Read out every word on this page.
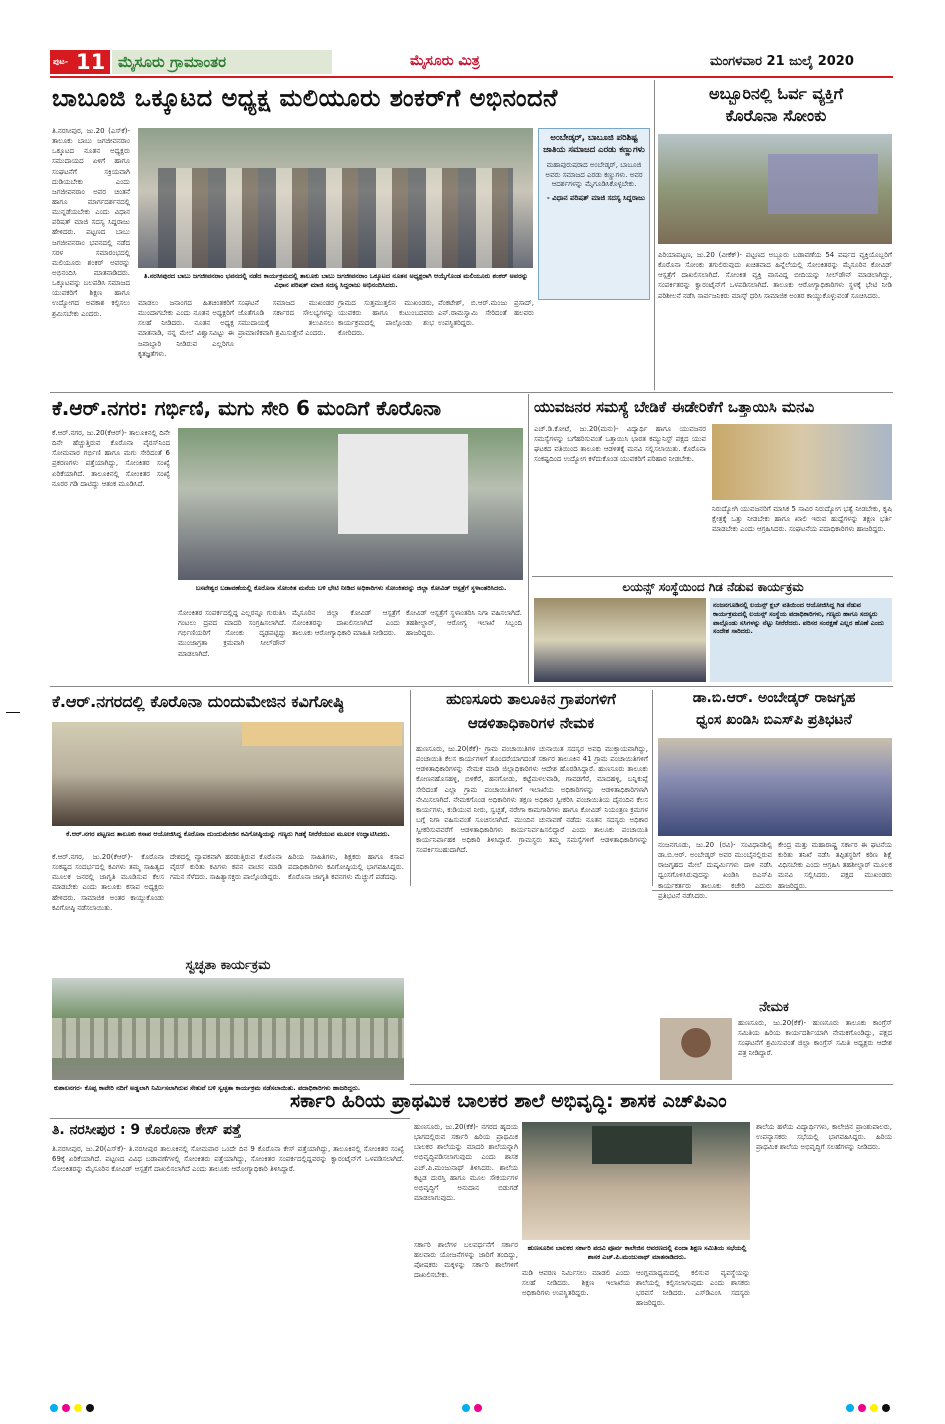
ಪುಟ- 11 ಮೈಸೂರು ಗ್ರಾಮಾಂತರ	ಮೈಸೂರು ಮಿತ್ರ	ಮಂಗಳವಾರ 21 ಜುಲೈ 2020
ಬಾಬೂಜಿ ಒಕ್ಕೂಟದ ಅಧ್ಯಕ್ಷ ಮಲಿಯೂರು ಶಂಕರ್‌ಗೆ ಅಭಿನಂದನೆ
ತಿ.ನರಸೀಪುರ, ಜು.20 (ಎಸ್‌ಕೆ)- ತಾಲೂಕು ಬಾಬು ಜಗಜೀವನರಾಂ ಒಕ್ಕೂಟದ ನೂತನ ಅಧ್ಯಕ್ಷರು ಸಮುದಾಯದ ಏಳಿಗೆ ಹಾಗೂ ಸಂಘಟನೆಗೆ ಸಕ್ರಿಯವಾಗಿ ದುಡಿಯಬೇಕು ಎಂದು ಜಗಜೀವನರಾಂ ಅವರ ಚಿಂತನೆ ಹಾಗೂ ಮಾರ್ಗದರ್ಶನದಲ್ಲಿ ಮುನ್ನಡೆಯಬೇಕು ಎಂದು ವಿಧಾನ ಪರಿಷತ್ ಮಾಜಿ ಸದಸ್ಯ ಸಿದ್ದರಾಜು ಹೇಳಿದರು. ಪಟ್ಟಣದ ಬಾಬು ಜಗಜೀವನರಾಂ ಭವನದಲ್ಲಿ ನಡೆದ ಸರಳ ಸಮಾರಂಭದಲ್ಲಿ ಮಲಿಯೂರು ಶಂಕರ್ ಅವರನ್ನು ಅಭಿನಂದಿಸಿ ಮಾತನಾಡಿದರು. ಒಕ್ಕೂಟವನ್ನು ಬಲಪಡಿಸಿ ಸಮಾಜದ ಯುವಕರಿಗೆ ಶಿಕ್ಷಣ ಹಾಗೂ ಉದ್ಯೋಗದ ಅವಕಾಶ ಕಲ್ಪಿಸಲು ಶ್ರಮಿಸಬೇಕು ಎಂದರು.
ತಿ.ನರಸೀಪುರದ ಬಾಬು ಜಗಜೀವನರಾಂ ಭವನದಲ್ಲಿ ನಡೆದ ಕಾರ್ಯಕ್ರಮದಲ್ಲಿ ತಾಲೂಕು ಬಾಬು ಜಗಜೀವನರಾಂ ಒಕ್ಕೂಟದ ನೂತನ ಅಧ್ಯಕ್ಷರಾಗಿ ಆಯ್ಕೆಗೊಂಡ ಮಲಿಯೂರು ಶಂಕರ್ ಅವರನ್ನು ವಿಧಾನ ಪರಿಷತ್ ಮಾಜಿ ಸದಸ್ಯ ಸಿದ್ದರಾಜು ಅಭಿನಂದಿಸಿದರು.
ಮಾಡಲು ಜನಾಂಗದ ಹಿತಚಿಂತಕರಿಗೆ ಮುಂದಾಗಬೇಕು ಎಂದು ನೂತನ ಅಧ್ಯಕ್ಷರಿಗೆ ಸಲಹೆ ನೀಡಿದರು. ನೂತನ ಅಧ್ಯಕ್ಷ ಮಾತನಾಡಿ, ನನ್ನ ಮೇಲೆ ವಿಶ್ವಾಸವಿಟ್ಟು ಈ ಜವಾಬ್ದಾರಿ ನೀಡಿರುವ ಎಲ್ಲರಿಗೂ ಕೃತಜ್ಞತೆಗಳು.
ಸಂಘಟನೆ ಸಮಾಜದ ಮುಖಂಡರ ಜೊತೆಗೂಡಿ ಸರ್ಕಾರದ ಸೌಲಭ್ಯಗಳನ್ನು ಸಮುದಾಯಕ್ಕೆ ತಲುಪಿಸಲು ಪ್ರಾಮಾಣಿಕವಾಗಿ ಶ್ರಮಿಸುತ್ತೇನೆ ಎಂದರು.
ಗ್ರಾಮದ ಸುತ್ತಮುತ್ತಲಿನ ಮುಖಂಡರು, ಯುವಕರು ಹಾಗೂ ಕುಟುಂಬದವರು ಕಾರ್ಯಕ್ರಮದಲ್ಲಿ ಪಾಲ್ಗೊಂಡು ಶುಭ ಕೋರಿದರು.
ವೆಂಕಟೇಶ್, ಬಿ.ಆರ್.ಮಂಜು ಪ್ರಸಾದ್, ಎನ್.ರಾಮಸ್ವಾಮಿ ಸೇರಿದಂತೆ ಹಲವರು ಉಪಸ್ಥಿತರಿದ್ದರು.
ಅಂಬೇಡ್ಕರ್, ಬಾಬೂಜಿ ಪರಿಶಿಷ್ಟ ಜಾತಿಯ ಸಮಾಜದ ಎರಡು ಕಣ್ಣುಗಳು
ಮಹಾಪುರುಷರಾದ ಅಂಬೇಡ್ಕರ್, ಬಾಬೂಜಿ ಅವರು ಸಮಾಜದ ಎರಡು ಕಣ್ಣುಗಳು. ಅವರ ಆದರ್ಶಗಳನ್ನು ಮೈಗೂಡಿಸಿಕೊಳ್ಳಬೇಕು.
- ವಿಧಾನ ಪರಿಷತ್ ಮಾಜಿ ಸದಸ್ಯ ಸಿದ್ದರಾಜು
ಅಬ್ಬೂರಿನಲ್ಲಿ ಓರ್ವ ವ್ಯಕ್ತಿಗೆ
ಕೊರೊನಾ ಸೋಂಕು
ಪಿರಿಯಾಪಟ್ಟಣ, ಜು.20 (ವೀಕೆಕ್)- ಪಟ್ಟಣದ ಅಬ್ಬೂರು ಬಡಾವಣೆಯ 54 ವರ್ಷದ ವ್ಯಕ್ತಿಯೊಬ್ಬರಿಗೆ ಕೊರೊನಾ ಸೋಂಕು ತಗುಲಿರುವುದು ಖಚಿತವಾದ ಹಿನ್ನೆಲೆಯಲ್ಲಿ ಸೋಂಕಿತರನ್ನು ಮೈಸೂರಿನ ಕೋವಿಡ್ ಆಸ್ಪತ್ರೆಗೆ ದಾಖಲಿಸಲಾಗಿದೆ. ಸೋಂಕಿತ ವ್ಯಕ್ತಿ ವಾಸವಿದ್ದ ಬೀದಿಯನ್ನು ಸೀಲ್‌ಡೌನ್ ಮಾಡಲಾಗಿದ್ದು, ಸಂಪರ್ಕಿತರನ್ನು ಕ್ವಾರಂಟೈನ್‌ಗೆ ಒಳಪಡಿಸಲಾಗಿದೆ. ತಾಲೂಕು ಆರೋಗ್ಯಾಧಿಕಾರಿಗಳು ಸ್ಥಳಕ್ಕೆ ಭೇಟಿ ನೀಡಿ ಪರಿಶೀಲನೆ ನಡೆಸಿ ಸಾರ್ವಜನಿಕರು ಮಾಸ್ಕ್ ಧರಿಸಿ ಸಾಮಾಜಿಕ ಅಂತರ ಕಾಯ್ದುಕೊಳ್ಳುವಂತೆ ಸೂಚಿಸಿದರು.
ಕೆ.ಆರ್.ನಗರ: ಗರ್ಭಿಣಿ, ಮಗು ಸೇರಿ 6 ಮಂದಿಗೆ ಕೊರೊನಾ
ಕೆ.ಆರ್.ನಗರ, ಜು.20(ಕೆಆರ್)- ತಾಲೂಕಿನಲ್ಲಿ ದಿನೇ ದಿನೇ ಹೆಚ್ಚುತ್ತಿರುವ ಕೊರೊನಾ ವೈರಸ್‌ನಿಂದ ಸೋಮವಾರ ಗರ್ಭಿಣಿ ಹಾಗೂ ಮಗು ಸೇರಿದಂತೆ 6 ಪ್ರಕರಣಗಳು ಪತ್ತೆಯಾಗಿದ್ದು, ಸೋಂಕಿತರ ಸಂಖ್ಯೆ ಏರಿಕೆಯಾಗಿದೆ. ತಾಲೂಕಿನಲ್ಲಿ ಸೋಂಕಿತರ ಸಂಖ್ಯೆ ನೂರರ ಗಡಿ ದಾಟಿದ್ದು ಆತಂಕ ಮೂಡಿಸಿದೆ.
ಬಸವೇಶ್ವರ ಬಡಾವಣೆಯಲ್ಲಿ ಕೊರೊನಾ ಸೋಂಕಿತ ಮನೆಯ ಬಳಿ ಭೇಟಿ ನೀಡಿದ ಅಧಿಕಾರಿಗಳು ಸೋಂಕಿತರನ್ನು ಜಿಲ್ಲಾ ಕೋವಿಡ್ ಆಸ್ಪತ್ರೆಗೆ ಸ್ಥಳಾಂತರಿಸಿದರು.
ಸೋಂಕಿತರ ಸಂಪರ್ಕದಲ್ಲಿದ್ದ ಎಲ್ಲರನ್ನೂ ಗುರುತಿಸಿ ಗಂಟಲು ದ್ರವದ ಮಾದರಿ ಸಂಗ್ರಹಿಸಲಾಗಿದೆ. ಗರ್ಭಿಣಿಯರಿಗೆ ಸೋಂಕು ದೃಢಪಟ್ಟಿದ್ದು ಮುಂಜಾಗ್ರತಾ ಕ್ರಮವಾಗಿ ಸೀಲ್‌ಡೌನ್ ಮಾಡಲಾಗಿದೆ.
ಮೈಸೂರಿನ ಜಿಲ್ಲಾ ಕೋವಿಡ್ ಆಸ್ಪತ್ರೆಗೆ ಸೋಂಕಿತರನ್ನು ದಾಖಲಿಸಲಾಗಿದೆ ಎಂದು ತಾಲೂಕು ಆರೋಗ್ಯಾಧಿಕಾರಿ ಮಾಹಿತಿ ನೀಡಿದರು.
ಕೋವಿಡ್ ಆಸ್ಪತ್ರೆಗೆ ಸ್ಥಳಾಂತರಿಸಿ ನಿಗಾ ವಹಿಸಲಾಗಿದೆ. ತಹಶೀಲ್ದಾರ್, ಆರೋಗ್ಯ ಇಲಾಖೆ ಸಿಬ್ಬಂದಿ ಹಾಜರಿದ್ದರು.
ಯುವಜನರ ಸಮಸ್ಯೆ ಬೇಡಿಕೆ ಈಡೇರಿಕೆಗೆ ಒತ್ತಾಯಿಸಿ ಮನವಿ
ಎಚ್.ಡಿ.ಕೋಟೆ, ಜು.20(ಮನು)- ವಿದ್ಯಾರ್ಥಿ ಹಾಗೂ ಯುವಜನರ ಸಮಸ್ಯೆಗಳನ್ನು ಬಗೆಹರಿಸುವಂತೆ ಒತ್ತಾಯಿಸಿ ಭಾರತ ಕಮ್ಯುನಿಸ್ಟ್ ಪಕ್ಷದ ಯುವ ಘಟಕದ ವತಿಯಿಂದ ತಾಲೂಕು ಆಡಳಿತಕ್ಕೆ ಮನವಿ ಸಲ್ಲಿಸಲಾಯಿತು. ಕೊರೊನಾ ಸಂಕಷ್ಟದಿಂದ ಉದ್ಯೋಗ ಕಳೆದುಕೊಂಡ ಯುವಕರಿಗೆ ಪರಿಹಾರ ನೀಡಬೇಕು.
ನಿರುದ್ಯೋಗಿ ಯುವಜನರಿಗೆ ಮಾಸಿಕ 5 ಸಾವಿರ ನಿರುದ್ಯೋಗ ಭತ್ಯೆ ನೀಡಬೇಕು, ಕೃಷಿ ಕ್ಷೇತ್ರಕ್ಕೆ ಒತ್ತು ನೀಡಬೇಕು ಹಾಗೂ ಖಾಲಿ ಇರುವ ಹುದ್ದೆಗಳನ್ನು ತಕ್ಷಣ ಭರ್ತಿ ಮಾಡಬೇಕು ಎಂದು ಆಗ್ರಹಿಸಿದರು. ಸಂಘಟನೆಯ ಪದಾಧಿಕಾರಿಗಳು ಹಾಜರಿದ್ದರು.
ಲಯನ್ಸ್ ಸಂಸ್ಥೆಯಿಂದ ಗಿಡ ನೆಡುವ ಕಾರ್ಯಕ್ರಮ
ನಂಜನಗೂಡಿನಲ್ಲಿ ಲಯನ್ಸ್ ಕ್ಲಬ್ ವತಿಯಿಂದ ಆಯೋಜಿಸಿದ್ದ ಗಿಡ ನೆಡುವ ಕಾರ್ಯಕ್ರಮದಲ್ಲಿ ಲಯನ್ಸ್ ಸಂಸ್ಥೆಯ ಪದಾಧಿಕಾರಿಗಳು, ಗಣ್ಯರು ಹಾಗೂ ಸದಸ್ಯರು ಪಾಲ್ಗೊಂಡು ಸಸಿಗಳನ್ನು ನೆಟ್ಟು ನೀರೆರೆದರು. ಪರಿಸರ ಸಂರಕ್ಷಣೆ ಎಲ್ಲರ ಹೊಣೆ ಎಂದು ಸಂದೇಶ ಸಾರಿದರು.
ಕೆ.ಆರ್.ನಗರದಲ್ಲಿ ಕೊರೊನಾ ದುಂದುಮೇಜಿನ ಕವಿಗೋಷ್ಠಿ
ಕೆ.ಆರ್.ನಗರ ಪಟ್ಟಣದ ತಾಲೂಕು ಕಸಾಪ ಆಯೋಜಿಸಿದ್ದ ಕೊರೊನಾ ದುಂದುಮೇಜಿನ ಕವಿಗೋಷ್ಠಿಯನ್ನು ಗಣ್ಯರು ಗಿಡಕ್ಕೆ ನೀರೆರೆಯುವ ಮೂಲಕ ಉದ್ಘಾಟಿಸಿದರು.
ಕೆ.ಆರ್.ನಗರ, ಜು.20(ಕೆಆರ್)- ಕೊರೊನಾ ಸಂಕಷ್ಟದ ಸಂದರ್ಭದಲ್ಲಿ ಕವಿಗಳು ತಮ್ಮ ಸಾಹಿತ್ಯದ ಮೂಲಕ ಜನರಲ್ಲಿ ಜಾಗೃತಿ ಮೂಡಿಸುವ ಕೆಲಸ ಮಾಡಬೇಕು ಎಂದು ತಾಲೂಕು ಕಸಾಪ ಅಧ್ಯಕ್ಷರು ಹೇಳಿದರು. ಸಾಮಾಜಿಕ ಅಂತರ ಕಾಯ್ದುಕೊಂಡು ಕವಿಗೋಷ್ಠಿ ನಡೆಸಲಾಯಿತು.
ದೇಶದಲ್ಲಿ ವ್ಯಾಪಕವಾಗಿ ಹರಡುತ್ತಿರುವ ಕೊರೊನಾ ವೈರಸ್ ಕುರಿತು ಕವಿಗಳು ಕವನ ವಾಚನ ಮಾಡಿ ಗಮನ ಸೆಳೆದರು. ಸಾಹಿತ್ಯಾಸಕ್ತರು ಪಾಲ್ಗೊಂಡಿದ್ದರು.
ಹಿರಿಯ ಸಾಹಿತಿಗಳು, ಶಿಕ್ಷಕರು ಹಾಗೂ ಕಸಾಪ ಪದಾಧಿಕಾರಿಗಳು ಕವಿಗೋಷ್ಠಿಯಲ್ಲಿ ಭಾಗವಹಿಸಿದ್ದರು. ಕೊರೊನಾ ಜಾಗೃತಿ ಕವನಗಳು ಮೆಚ್ಚುಗೆ ಪಡೆದವು.
ಸ್ವಚ್ಛತಾ ಕಾರ್ಯಕ್ರಮ
ಕುಶಾಲನಗರ- ಕೊಪ್ಪ ಕಾವೇರಿ ನದಿಗೆ ಅಡ್ಡಲಾಗಿ ನಿರ್ಮಿಸಲಾಗಿರುವ ಸೇತುವೆ ಬಳಿ ಸ್ವಚ್ಛತಾ ಕಾರ್ಯಕ್ರಮ ನಡೆಸಲಾಯಿತು. ಪದಾಧಿಕಾರಿಗಳು ಹಾಜರಿದ್ದರು.
ತಿ. ನರಸೀಪುರ : 9 ಕೊರೊನಾ ಕೇಸ್ ಪತ್ತೆ
ತಿ.ನರಸೀಪುರ, ಜು.20(ಎಸ್‌ಕೆ)- ತಿ.ನರಸೀಪುರ ತಾಲೂಕಿನಲ್ಲಿ ಸೋಮವಾರ ಒಂದೇ ದಿನ 9 ಕೊರೊನಾ ಕೇಸ್ ಪತ್ತೆಯಾಗಿದ್ದು, ತಾಲೂಕಿನಲ್ಲಿ ಸೋಂಕಿತರ ಸಂಖ್ಯೆ 69ಕ್ಕೆ ಏರಿಕೆಯಾಗಿದೆ. ಪಟ್ಟಣದ ವಿವಿಧ ಬಡಾವಣೆಗಳಲ್ಲಿ ಸೋಂಕಿತರು ಪತ್ತೆಯಾಗಿದ್ದು, ಸೋಂಕಿತರ ಸಂಪರ್ಕದಲ್ಲಿದ್ದವರನ್ನು ಕ್ವಾರಂಟೈನ್‌ಗೆ ಒಳಪಡಿಸಲಾಗಿದೆ. ಸೋಂಕಿತರನ್ನು ಮೈಸೂರಿನ ಕೋವಿಡ್ ಆಸ್ಪತ್ರೆಗೆ ದಾಖಲಿಸಲಾಗಿದೆ ಎಂದು ತಾಲೂಕು ಆರೋಗ್ಯಾಧಿಕಾರಿ ತಿಳಿಸಿದ್ದಾರೆ.
ಹುಣಸೂರು ತಾಲೂಕಿನ ಗ್ರಾಪಂಗಳಿಗೆ
ಆಡಳಿತಾಧಿಕಾರಿಗಳ ನೇಮಕ
ಹುಣಸೂರು, ಜು.20(ಕೆಕೆ)- ಗ್ರಾಮ ಪಂಚಾಯಿತಿಗಳ ಚುನಾಯಿತ ಸದಸ್ಯರ ಅವಧಿ ಮುಕ್ತಾಯವಾಗಿದ್ದು, ಪಂಚಾಯಿತಿ ಕೆಲಸ ಕಾರ್ಯಗಳಿಗೆ ತೊಂದರೆಯಾಗದಂತೆ ಸರ್ಕಾರ ತಾಲೂಕಿನ 41 ಗ್ರಾಮ ಪಂಚಾಯಿತಿಗಳಿಗೆ ಆಡಳಿತಾಧಿಕಾರಿಗಳನ್ನು ನೇಮಕ ಮಾಡಿ ಜಿಲ್ಲಾಧಿಕಾರಿಗಳು ಆದೇಶ ಹೊರಡಿಸಿದ್ದಾರೆ. ಹುಣಸೂರು ತಾಲೂಕು ಕೋಣನಹೊಸಹಳ್ಳಿ, ಬಿಳಿಕೆರೆ, ಹನಗೋಡು, ಕಟ್ಟೆಮಳಲವಾಡಿ, ಗಾವಡಗೆರೆ, ಮಾದಹಳ್ಳಿ, ಬನ್ನಿಕುಪ್ಪೆ ಸೇರಿದಂತೆ ಎಲ್ಲಾ ಗ್ರಾಮ ಪಂಚಾಯಿತಿಗಳಿಗೆ ಇಲಾಖೆಯ ಅಧಿಕಾರಿಗಳನ್ನು ಆಡಳಿತಾಧಿಕಾರಿಗಳಾಗಿ ನೇಮಿಸಲಾಗಿದೆ. ನೇಮಕಗೊಂಡ ಅಧಿಕಾರಿಗಳು ತಕ್ಷಣ ಅಧಿಕಾರ ಸ್ವೀಕರಿಸಿ ಪಂಚಾಯಿತಿಯ ದೈನಂದಿನ ಕೆಲಸ ಕಾರ್ಯಗಳು, ಕುಡಿಯುವ ನೀರು, ಸ್ವಚ್ಛತೆ, ನರೇಗಾ ಕಾಮಗಾರಿಗಳು ಹಾಗೂ ಕೋವಿಡ್ ನಿಯಂತ್ರಣ ಕ್ರಮಗಳ ಬಗ್ಗೆ ನಿಗಾ ವಹಿಸುವಂತೆ ಸೂಚಿಸಲಾಗಿದೆ. ಮುಂದಿನ ಚುನಾವಣೆ ನಡೆದು ನೂತನ ಸದಸ್ಯರು ಅಧಿಕಾರ ಸ್ವೀಕರಿಸುವವರೆಗೆ ಆಡಳಿತಾಧಿಕಾರಿಗಳು ಕಾರ್ಯನಿರ್ವಹಿಸಲಿದ್ದಾರೆ ಎಂದು ತಾಲೂಕು ಪಂಚಾಯಿತಿ ಕಾರ್ಯನಿರ್ವಾಹಕ ಅಧಿಕಾರಿ ತಿಳಿಸಿದ್ದಾರೆ. ಗ್ರಾಮಸ್ಥರು ತಮ್ಮ ಸಮಸ್ಯೆಗಳಿಗೆ ಆಡಳಿತಾಧಿಕಾರಿಗಳನ್ನು ಸಂಪರ್ಕಿಸಬಹುದಾಗಿದೆ.
ಡಾ.ಬಿ.ಆರ್. ಅಂಬೇಡ್ಕರ್ ರಾಜಗೃಹ
ಧ್ವಂಸ ಖಂಡಿಸಿ ಬಿಎಸ್‌ಪಿ ಪ್ರತಿಭಟನೆ
ನಂಜನಗೂಡು, ಜು.20 (ರವಿ)- ಸಂವಿಧಾನಶಿಲ್ಪಿ ಡಾ.ಬಿ.ಆರ್. ಅಂಬೇಡ್ಕರ್ ಅವರ ಮುಂಬೈನಲ್ಲಿರುವ ರಾಜಗೃಹದ ಮೇಲೆ ದುಷ್ಕರ್ಮಿಗಳು ದಾಳಿ ನಡೆಸಿ ಧ್ವಂಸಗೊಳಿಸಿರುವುದನ್ನು ಖಂಡಿಸಿ ಬಿಎಸ್‌ಪಿ ಕಾರ್ಯಕರ್ತರು ತಾಲೂಕು ಕಚೇರಿ ಎದುರು ಪ್ರತಿಭಟನೆ ನಡೆಸಿದರು.
ಕೇಂದ್ರ ಮತ್ತು ಮಹಾರಾಷ್ಟ್ರ ಸರ್ಕಾರ ಈ ಘಟನೆಯ ಕುರಿತು ತನಿಖೆ ನಡೆಸಿ ತಪ್ಪಿತಸ್ಥರಿಗೆ ಕಠಿಣ ಶಿಕ್ಷೆ ವಿಧಿಸಬೇಕು ಎಂದು ಆಗ್ರಹಿಸಿ ತಹಶೀಲ್ದಾರ್ ಮೂಲಕ ಮನವಿ ಸಲ್ಲಿಸಿದರು. ಪಕ್ಷದ ಮುಖಂಡರು ಹಾಜರಿದ್ದರು.
ನೇಮಕ
ಹುಣಸೂರು, ಜು.20(ಕೆಕೆ)- ಹುಣಸೂರು ತಾಲೂಕು ಕಾಂಗ್ರೆಸ್ ಸಮಿತಿಯ ಹಿರಿಯ ಕಾರ್ಯದರ್ಶಿಯಾಗಿ ನೇಮಕಗೊಂಡಿದ್ದು, ಪಕ್ಷದ ಸಂಘಟನೆಗೆ ಶ್ರಮಿಸುವಂತೆ ಜಿಲ್ಲಾ ಕಾಂಗ್ರೆಸ್ ಸಮಿತಿ ಅಧ್ಯಕ್ಷರು ಆದೇಶ ಪತ್ರ ನೀಡಿದ್ದಾರೆ.
ಸರ್ಕಾರಿ ಹಿರಿಯ ಪ್ರಾಥಮಿಕ ಬಾಲಕರ ಶಾಲೆ ಅಭಿವೃದ್ಧಿ: ಶಾಸಕ ಎಚ್‌ಪಿಎಂ
ಹುಣಸೂರು, ಜು.20(ಕೆಕೆ)- ನಗರದ ಹೃದಯ ಭಾಗದಲ್ಲಿರುವ ಸರ್ಕಾರಿ ಹಿರಿಯ ಪ್ರಾಥಮಿಕ ಬಾಲಕರ ಶಾಲೆಯನ್ನು ಮಾದರಿ ಶಾಲೆಯನ್ನಾಗಿ ಅಭಿವೃದ್ಧಿಪಡಿಸಲಾಗುವುದು ಎಂದು ಶಾಸಕ ಎಚ್.ಪಿ.ಮಂಜುನಾಥ್ ತಿಳಿಸಿದರು. ಶಾಲೆಯ ಕಟ್ಟಡ ದುರಸ್ತಿ ಹಾಗೂ ಮೂಲ ಸೌಕರ್ಯಗಳ ಅಭಿವೃದ್ಧಿಗೆ ಅನುದಾನ ಬಿಡುಗಡೆ ಮಾಡಲಾಗುವುದು.
ಹುಣಸೂರಿನ ಬಾಲಕರ ಸರ್ಕಾರಿ ಪದವಿ ಪೂರ್ವ ಕಾಲೇಜಿನ ಆವರಣದಲ್ಲಿ ಏಂದಾ ಶಿಕ್ಷಣ ಸಮಿತಿಯ ಸಭೆಯಲ್ಲಿ ಶಾಸಕ ಎಚ್.ಪಿ.ಮಂಜುನಾಥ್ ಮಾತನಾಡಿದರು.
ಸರ್ಕಾರಿ ಶಾಲೆಗಳ ಬಲವರ್ಧನೆಗೆ ಸರ್ಕಾರ ಹಲವಾರು ಯೋಜನೆಗಳನ್ನು ಜಾರಿಗೆ ತಂದಿದ್ದು, ಪೋಷಕರು ಮಕ್ಕಳನ್ನು ಸರ್ಕಾರಿ ಶಾಲೆಗಳಿಗೆ ದಾಖಲಿಸಬೇಕು.	ಮಡಿ ಆವರಣ ನಿರ್ಮಿಸಲು ಮಾಡಲಿ ಎಂದು ಸಲಹೆ ನೀಡಿದರು. ಶಿಕ್ಷಣ ಇಲಾಖೆಯ ಅಧಿಕಾರಿಗಳು ಉಪಸ್ಥಿತರಿದ್ದರು.
ಆಂಗ್ಲಮಾಧ್ಯಮದಲ್ಲಿ ಕಲಿಸುವ ವ್ಯವಸ್ಥೆಯನ್ನು ಶಾಲೆಯಲ್ಲಿ ಕಲ್ಪಿಸಲಾಗುವುದು ಎಂದು ಶಾಸಕರು ಭರವಸೆ ನೀಡಿದರು. ಎಸ್‌ಡಿಎಂಸಿ ಸದಸ್ಯರು ಹಾಜರಿದ್ದರು.
ಶಾಲೆಯ ಹಳೆಯ ವಿದ್ಯಾರ್ಥಿಗಳು, ಕಾಲೇಜಿನ ಪ್ರಾಂಶುಪಾಲರು, ಉಪನ್ಯಾಸಕರು ಸಭೆಯಲ್ಲಿ ಭಾಗವಹಿಸಿದ್ದರು. ಹಿರಿಯ ಪ್ರಾಥಮಿಕ ಶಾಲೆಯ ಅಭಿವೃದ್ಧಿಗೆ ಸಲಹೆಗಳನ್ನು ನೀಡಿದರು.
